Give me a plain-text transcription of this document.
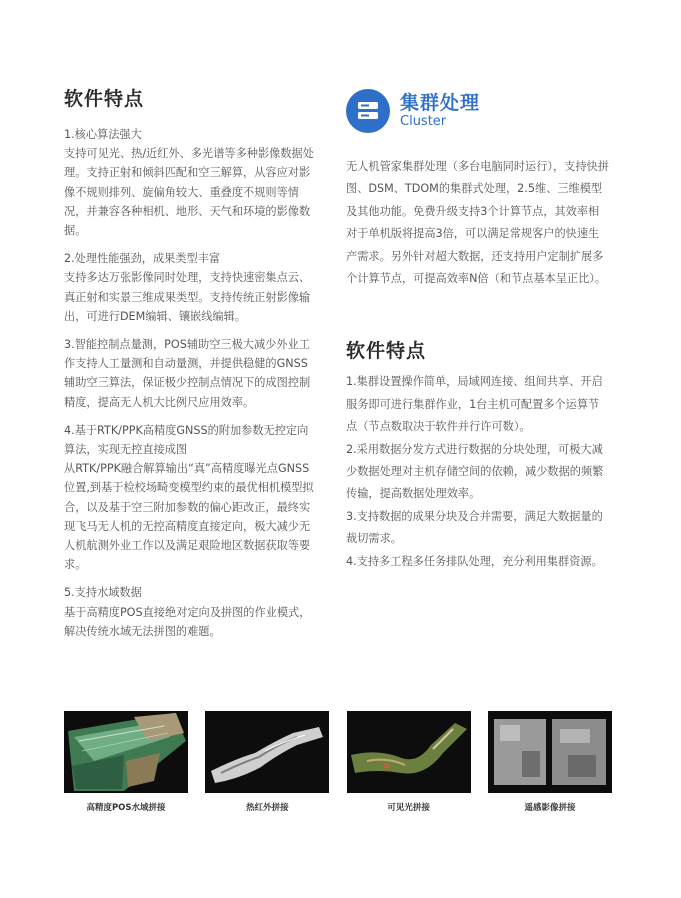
软件特点

1.核心算法强大

支持可见光、热/近红外、多光谱等多种影像数据处理。支持正射和倾斜匹配和空三解算，从容应对影像不规则排列、旋偏角较大、重叠度不规则等情况，并兼容各种相机、地形、天气和环境的影像数据。

2.处理性能强劲，成果类型丰富

支持多达万张影像同时处理，支持快速密集点云、真正射和实景三维成果类型。支持传统正射影像输出，可进行DEM编辑、镶嵌线编辑。

3.智能控制点量测，POS辅助空三极大减少外业工作支持人工量测和自动量测，并提供稳健的GNSS辅助空三算法，保证极少控制点情况下的成图控制精度，提高无人机大比例尺应用效率。

4.基于RTK/PPK高精度GNSS的附加参数无控定向算法，实现无控直接成图

从RTK/PPK融合解算输出“真”高精度曝光点GNSS位置,到基于检校场畸变模型约束的最优相机模型拟合，以及基于空三附加参数的偏心距改正，最终实现飞马无人机的无控高精度直接定向，极大减少无人机航测外业工作以及满足艰险地区数据获取等要求。

5.支持水域数据

基于高精度POS直接绝对定向及拼图的作业模式，解决传统水域无法拼图的难题。

集群处理
Cluster

无人机管家集群处理（多台电脑同时运行），支持快拼图、DSM、TDOM的集群式处理，2.5维、三维模型及其他功能。免费升级支持3个计算节点，其效率相对于单机版将提高3倍，可以满足常规客户的快速生产需求。另外针对超大数据，还支持用户定制扩展多个计算节点，可提高效率N倍（和节点基本呈正比）。

软件特点

1.集群设置操作简单，局域网连接、组间共享、开启服务即可进行集群作业，1台主机可配置多个运算节点（节点数取决于软件并行许可数）。

2.采用数据分发方式进行数据的分块处理，可极大减少数据处理对主机存储空间的依赖，减少数据的频繁传输，提高数据处理效率。

3.支持数据的成果分块及合并需要，满足大数据量的裁切需求。

4.支持多工程多任务排队处理，充分利用集群资源。

高精度POS水域拼接	热红外拼接	可见光拼接	遥感影像拼接
